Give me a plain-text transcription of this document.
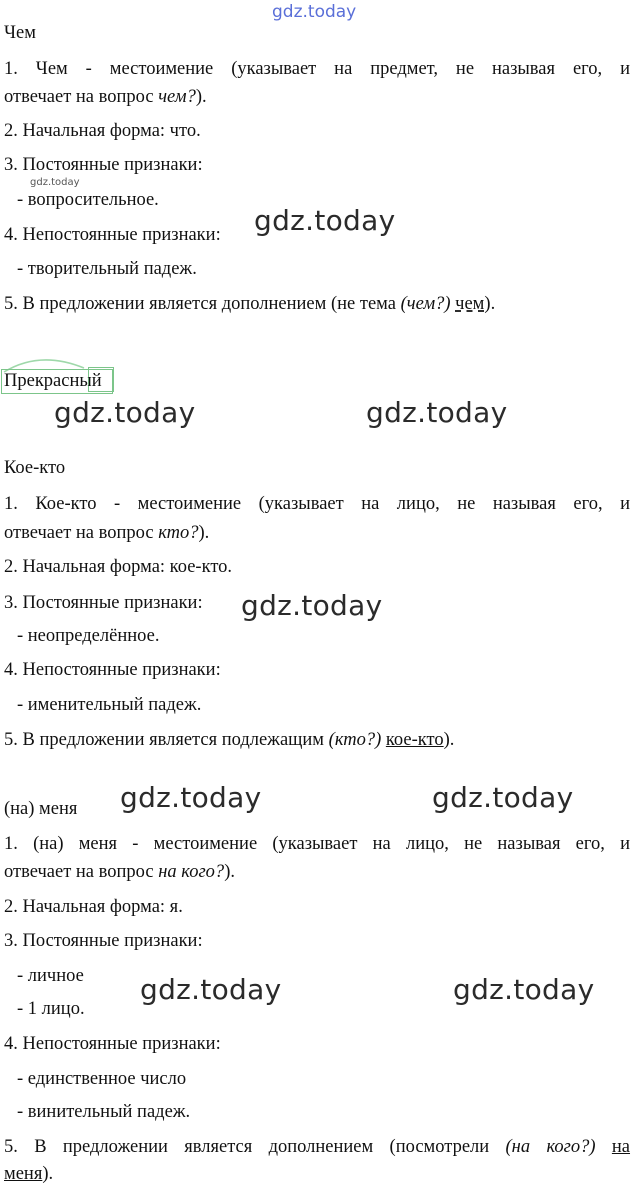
gdz.today
Чем
1. Чем - местоимение (указывает на предмет, не называя его, и
отвечает на вопрос чем?).
2. Начальная форма: что.
3. Постоянные признаки:
gdz.today
- вопросительное.
4. Непостоянные признаки:
- творительный падеж.
5. В предложении является дополнением (не тема (чем?) чем).
gdz.today
Прекрасный
gdz.today	gdz.today
Кое-кто
1. Кое-кто - местоимение (указывает на лицо, не называя его, и
отвечает на вопрос кто?).
2. Начальная форма: кое-кто.
3. Постоянные признаки:
- неопределённое.
4. Непостоянные признаки:
- именительный падеж.
5. В предложении является подлежащим (кто?) кое-кто).
gdz.today
(на) меня gdz.today	gdz.today
1. (на) меня - местоимение (указывает на лицо, не называя его, и
отвечает на вопрос на кого?).
2. Начальная форма: я.
3. Постоянные признаки:
- личное
- 1 лицо.
gdz.today	gdz.today
4. Непостоянные признаки:
- единственное число
- винительный падеж.
5. В предложении является дополнением (посмотрели (на кого?) на
меня).
